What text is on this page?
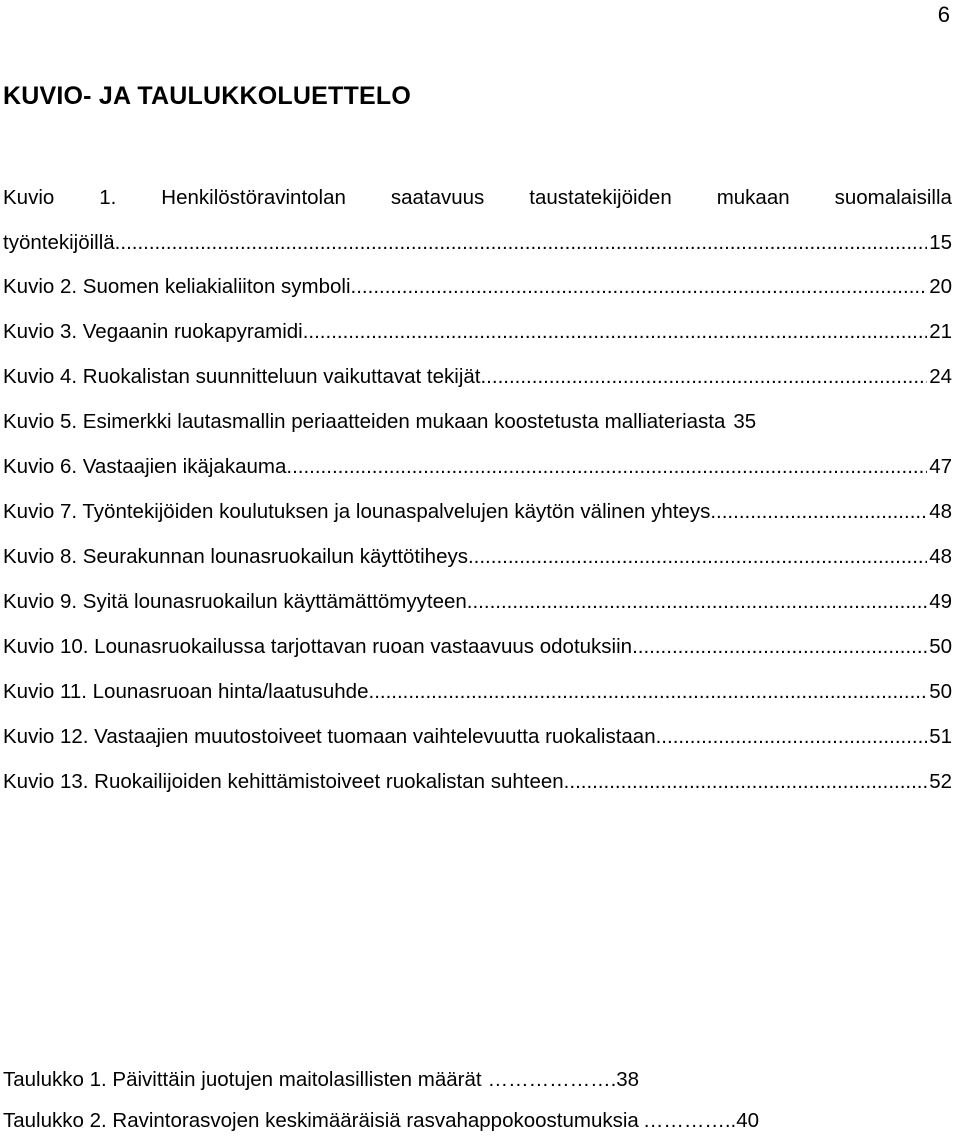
6
KUVIO- JA TAULUKKOLUETTELO
Kuvio 1. Henkilöstöravintolan saatavuus taustatekijöiden mukaan suomalaisilla
työntekijöillä .....	15
Kuvio 2. Suomen keliakialiiton symboli .....	20
Kuvio 3. Vegaanin ruokapyramidi .....	21
Kuvio 4. Ruokalistan suunnitteluun vaikuttavat tekijät .....	24
Kuvio 5. Esimerkki lautasmallin periaatteiden mukaan koostetusta malliateriasta 35
Kuvio 6. Vastaajien ikäjakauma .....	47
Kuvio 7. Työntekijöiden koulutuksen ja lounaspalvelujen käytön välinen yhteys .....	48
Kuvio 8. Seurakunnan lounasruokailun käyttötiheys .....	48
Kuvio 9. Syitä lounasruokailun käyttämättömyyteen .....	49
Kuvio 10. Lounasruokailussa tarjottavan ruoan vastaavuus odotuksiin .....	50
Kuvio 11. Lounasruoan hinta/laatusuhde .....	50
Kuvio 12. Vastaajien muutostoiveet tuomaan vaihtelevuutta ruokalistaan .....	51
Kuvio 13. Ruokailijoiden kehittämistoiveet ruokalistan suhteen .....	52
Taulukko 1. Päivittäin juotujen maitolasillisten määrät ………………. 38
Taulukko 2. Ravintorasvojen keskimääräisiä rasvahappokoostumuksia ………….. 40
